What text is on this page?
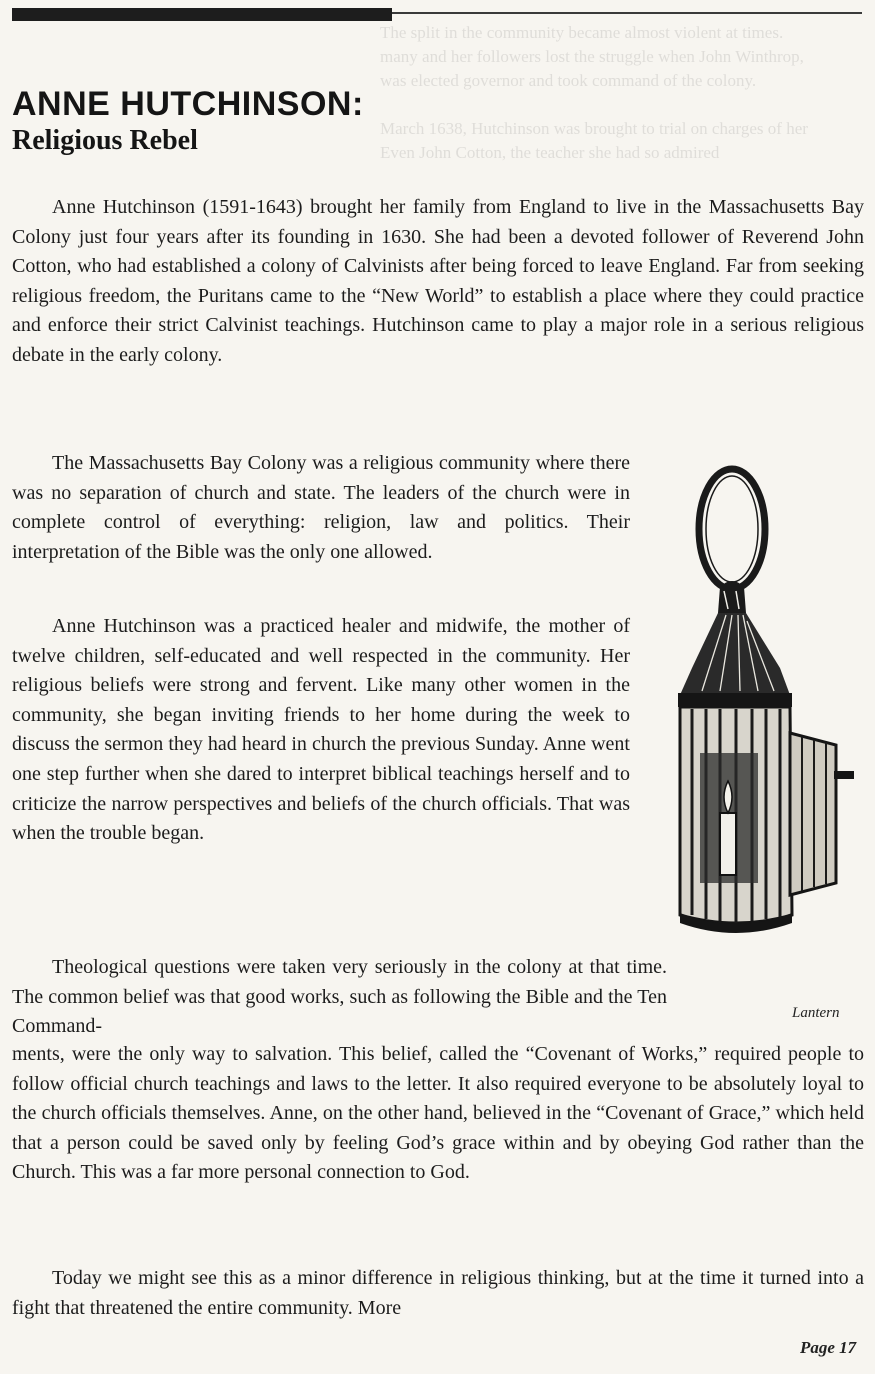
The split in the community became almost violent at times.
many and her followers lost the struggle when John Winthrop,
was elected governor and took command of the colony.
March 1638, Hutchinson was brought to trial on charges of her
Even John Cotton, the teacher she had so admired
ANNE HUTCHINSON:
Religious Rebel

Anne Hutchinson (1591-1643) brought her family from England to live in the Massachusetts Bay Colony just four years after its founding in 1630. She had been a devoted follower of Reverend John Cotton, who had established a colony of Calvinists after being forced to leave England. Far from seeking religious freedom, the Puritans came to the “New World” to establish a place where they could practice and enforce their strict Calvinist teachings. Hutchinson came to play a major role in a serious religious debate in the early colony.

The Massachusetts Bay Colony was a religious community where there was no separation of church and state. The leaders of the church were in complete control of everything: religion, law and politics. Their interpretation of the Bible was the only one allowed.

Anne Hutchinson was a practiced healer and midwife, the mother of twelve children, self-educated and well respected in the community. Her religious beliefs were strong and fervent. Like many other women in the community, she began inviting friends to her home during the week to discuss the sermon they had heard in church the previous Sunday. Anne went one step further when she dared to interpret biblical teachings herself and to criticize the narrow perspectives and beliefs of the church officials. That was when the trouble began.

Theological questions were taken very seriously in the colony at that time. The common belief was that good works, such as following the Bible and the Ten Command-

ments, were the only way to salvation. This belief, called the “Covenant of Works,” required people to follow official church teachings and laws to the letter. It also required everyone to be absolutely loyal to the church officials themselves. Anne, on the other hand, believed in the “Covenant of Grace,” which held that a person could be saved only by feeling God’s grace within and by obeying God rather than the Church. This was a far more personal connection to God.

Today we might see this as a minor difference in religious thinking, but at the time it turned into a fight that threatened the entire community. More

Lantern
Page 17
